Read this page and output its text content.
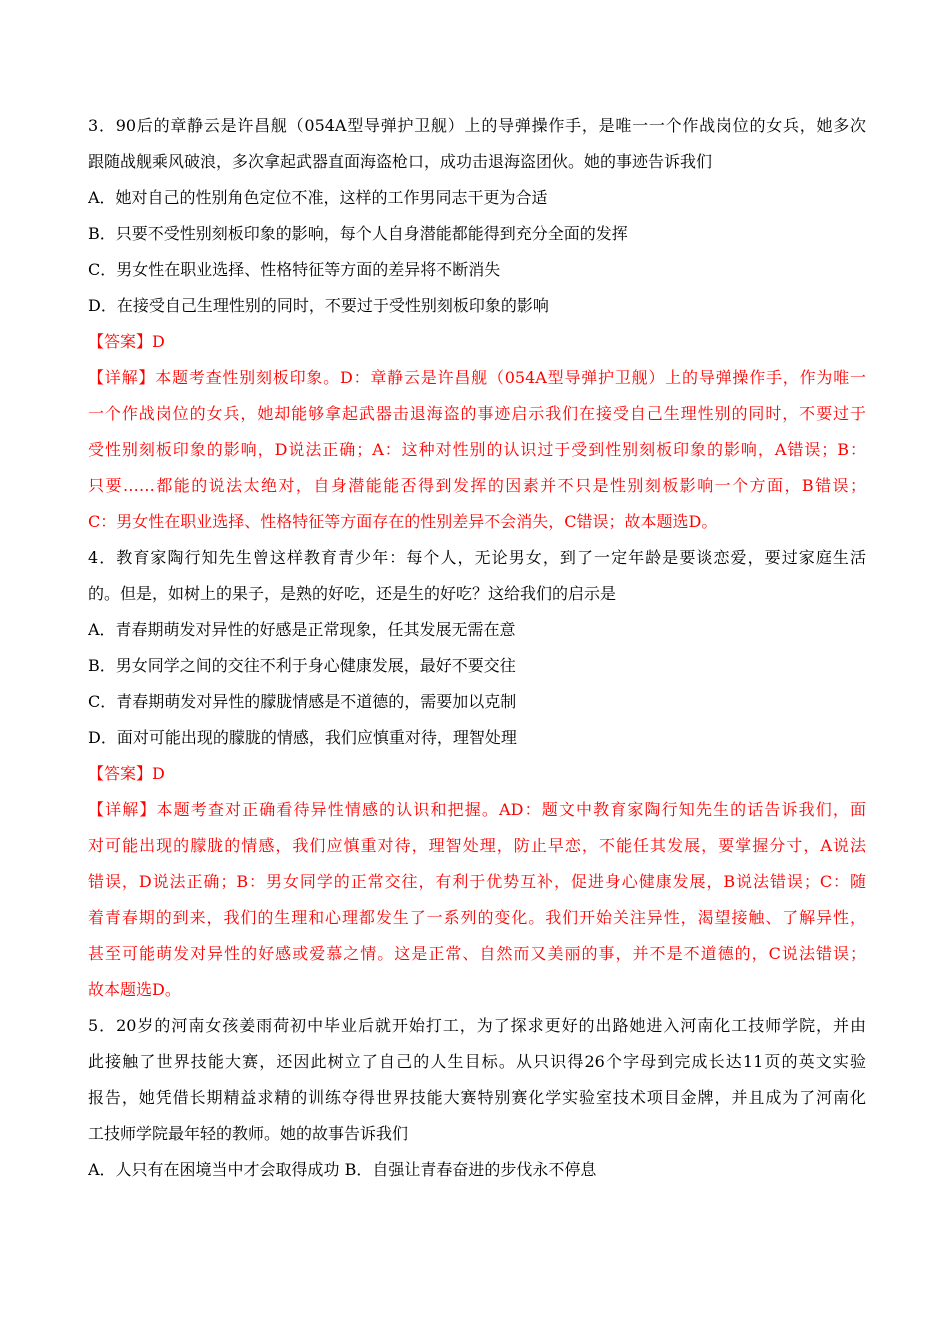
3．90后的章静云是许昌舰（054A型导弹护卫舰）上的导弹操作手，是唯一一个作战岗位的女兵，她多次
跟随战舰乘风破浪，多次拿起武器直面海盗枪口，成功击退海盗团伙。她的事迹告诉我们
A．她对自己的性别角色定位不准，这样的工作男同志干更为合适
B．只要不受性别刻板印象的影响，每个人自身潜能都能得到充分全面的发挥
C．男女性在职业选择、性格特征等方面的差异将不断消失
D．在接受自己生理性别的同时，不要过于受性别刻板印象的影响
【答案】D
【详解】本题考查性别刻板印象。D：章静云是许昌舰（054A型导弹护卫舰）上的导弹操作手，作为唯一
一个作战岗位的女兵，她却能够拿起武器击退海盗的事迹启示我们在接受自己生理性别的同时，不要过于
受性别刻板印象的影响，D说法正确；A：这种对性别的认识过于受到性别刻板印象的影响，A错误；B：
只要……都能的说法太绝对，自身潜能能否得到发挥的因素并不只是性别刻板影响一个方面，B错误；
C：男女性在职业选择、性格特征等方面存在的性别差异不会消失，C错误；故本题选D。
4．教育家陶行知先生曾这样教育青少年：每个人，无论男女，到了一定年龄是要谈恋爱，要过家庭生活
的。但是，如树上的果子，是熟的好吃，还是生的好吃？这给我们的启示是
A．青春期萌发对异性的好感是正常现象，任其发展无需在意
B．男女同学之间的交往不利于身心健康发展，最好不要交往
C．青春期萌发对异性的朦胧情感是不道德的，需要加以克制
D．面对可能出现的朦胧的情感，我们应慎重对待，理智处理
【答案】D
【详解】本题考查对正确看待异性情感的认识和把握。AD：题文中教育家陶行知先生的话告诉我们，面
对可能出现的朦胧的情感，我们应慎重对待，理智处理，防止早恋，不能任其发展，要掌握分寸，A说法
错误，D说法正确；B：男女同学的正常交往，有利于优势互补，促进身心健康发展，B说法错误；C：随
着青春期的到来，我们的生理和心理都发生了一系列的变化。我们开始关注异性，渴望接触、了解异性，
甚至可能萌发对异性的好感或爱慕之情。这是正常、自然而又美丽的事，并不是不道德的，C说法错误；
故本题选D。
5．20岁的河南女孩姜雨荷初中毕业后就开始打工，为了探求更好的出路她进入河南化工技师学院，并由
此接触了世界技能大赛，还因此树立了自己的人生目标。从只识得26个字母到完成长达11页的英文实验
报告，她凭借长期精益求精的训练夺得世界技能大赛特别赛化学实验室技术项目金牌，并且成为了河南化
工技师学院最年轻的教师。她的故事告诉我们
A．人只有在困境当中才会取得成功 B．自强让青春奋进的步伐永不停息
